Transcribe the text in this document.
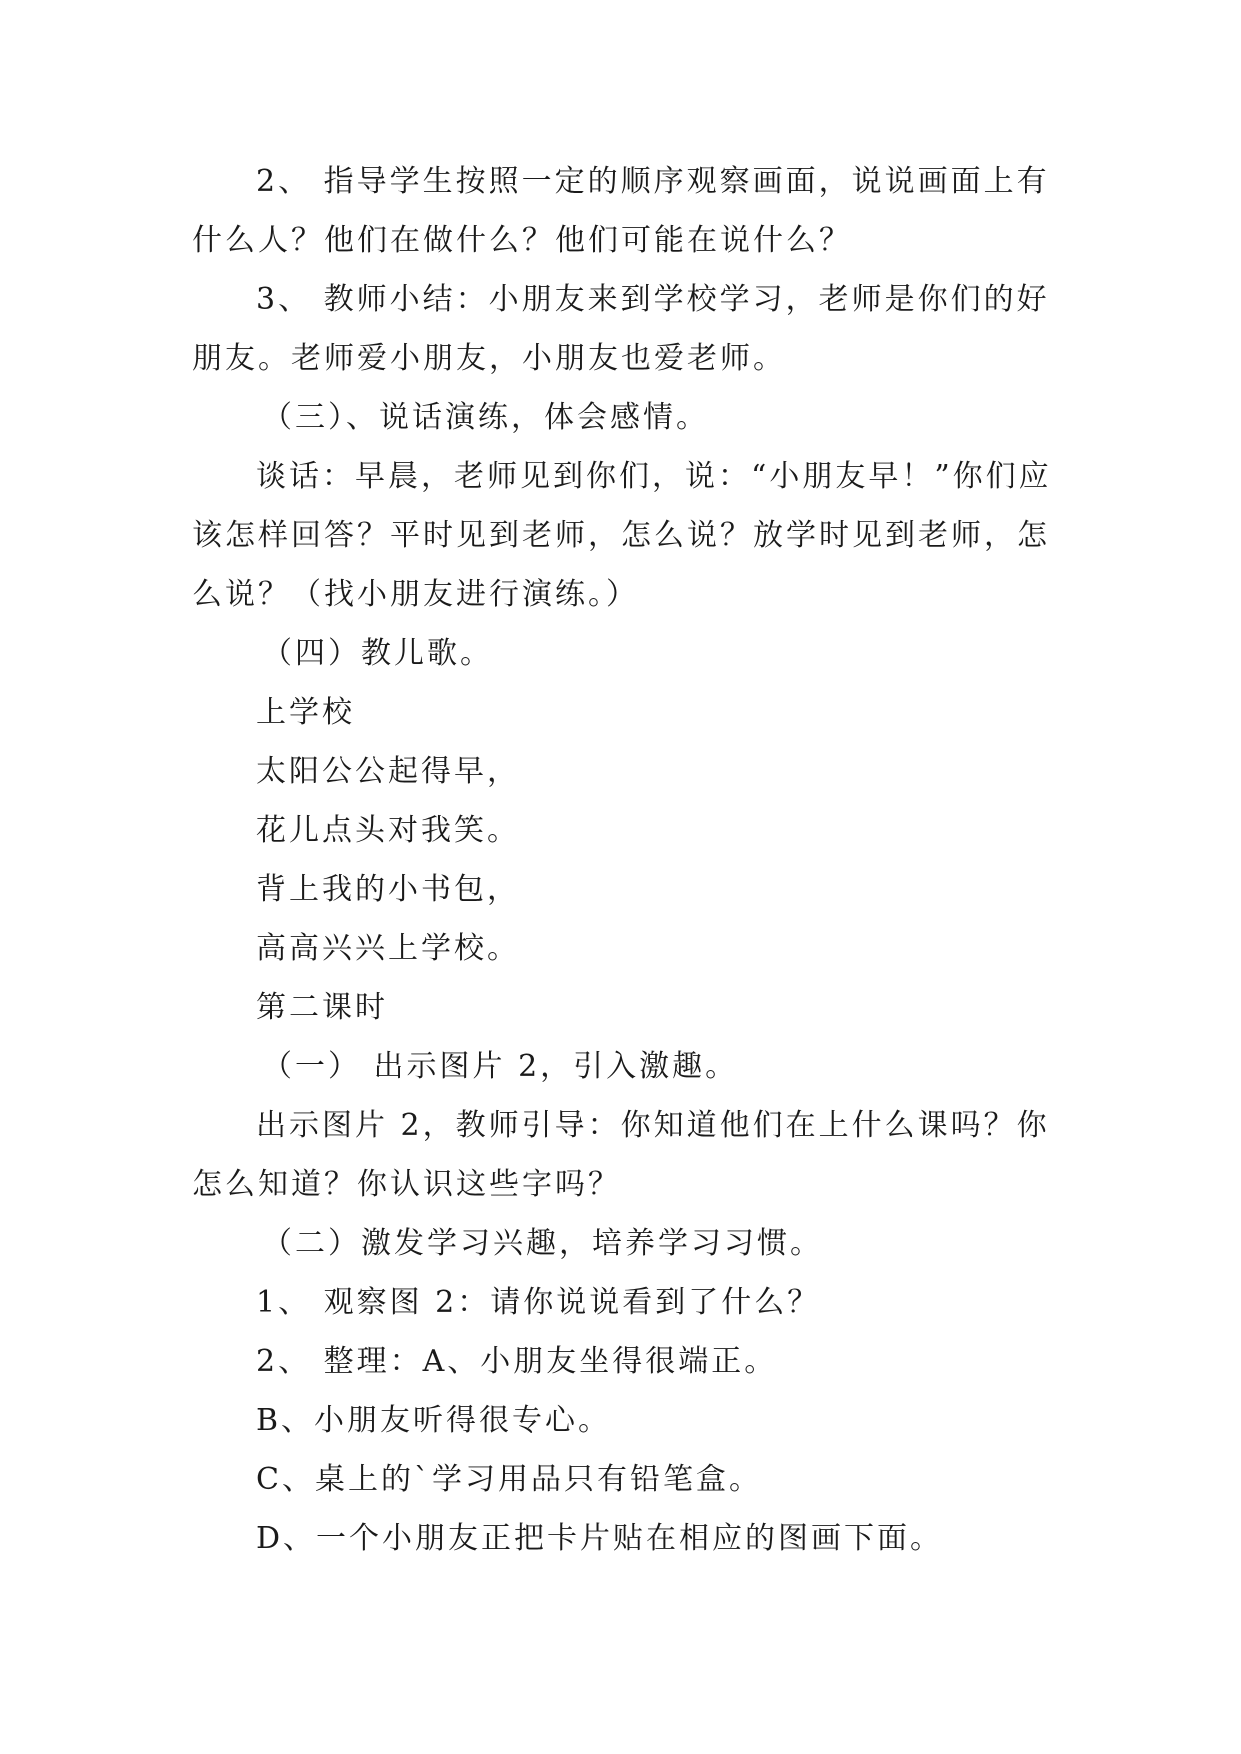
2、 指导学生按照一定的顺序观察画面，说说画面上有
什么人？他们在做什么？他们可能在说什么？
3、 教师小结：小朋友来到学校学习，老师是你们的好
朋友。老师爱小朋友，小朋友也爱老师。
（三）、说话演练，体会感情。
谈话：早晨，老师见到你们，说：“小朋友早！”你们应
该怎样回答？平时见到老师，怎么说？放学时见到老师，怎
么说？（找小朋友进行演练。）
（四）教儿歌。
上学校
太阳公公起得早，
花儿点头对我笑。
背上我的小书包，
高高兴兴上学校。
第二课时
（一） 出示图片 2，引入激趣。
出示图片 2，教师引导：你知道他们在上什么课吗？你
怎么知道？你认识这些字吗？
（二）激发学习兴趣，培养学习习惯。
1、 观察图 2：请你说说看到了什么？
2、 整理：A、小朋友坐得很端正。
B、小朋友听得很专心。
C、桌上的`学习用品只有铅笔盒。
D、一个小朋友正把卡片贴在相应的图画下面。
